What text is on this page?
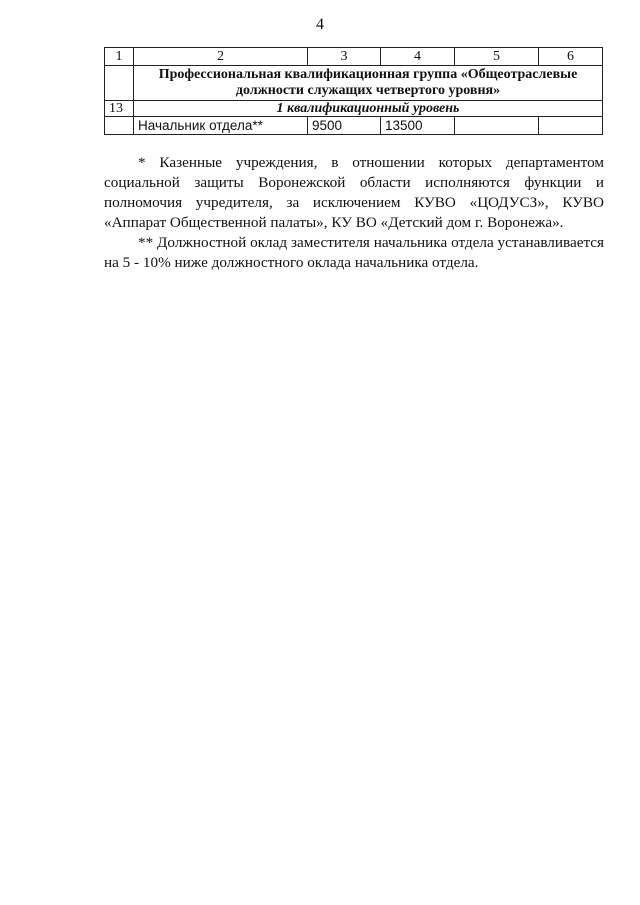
4
1	2	3	4	5	6
	Профессиональная квалификационная группа «Общеотраслевые должности служащих четвертого уровня»				
13	1 квалификационный уровень				
	Начальник отдела**	9500	13500		

* Казенные учреждения, в отношении которых департаментом социальной защиты Воронежской области исполняются функции и полномочия учредителя, за исключением КУВО «ЦОДУСЗ», КУВО «Аппарат Общественной палаты», КУ ВО «Детский дом г. Воронежа».

** Должностной оклад заместителя начальника отдела устанавливается на 5 - 10% ниже должностного оклада начальника отдела.
